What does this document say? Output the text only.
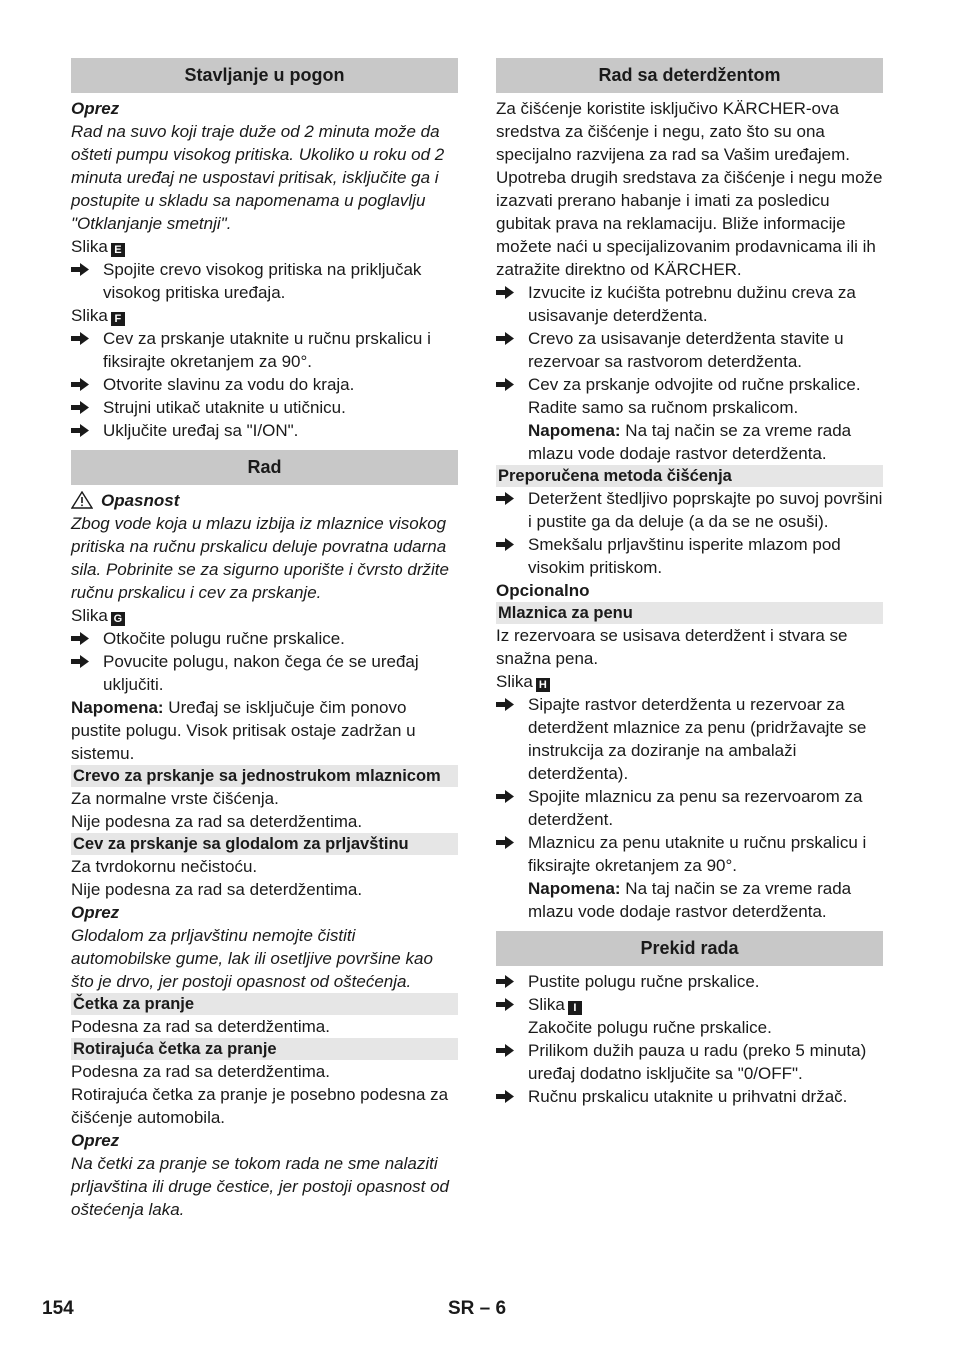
Stavljanje u pogon
Oprez
Rad na suvo koji traje duže od 2 minuta može da ošteti pumpu visokog pritiska. Ukoliko u roku od 2 minuta uređaj ne uspostavi pritisak, isključite ga i postupite u skladu sa napomenama u poglavlju "Otklanjanje smetnji".
Slika E
Spojite crevo visokog pritiska na priključak visokog pritiska uređaja.
Slika F
Cev za prskanje utaknite u ručnu prskalicu i fiksirajte okretanjem za 90°.
Otvorite slavinu za vodu do kraja.
Strujni utikač utaknite u utičnicu.
Uključite uređaj sa "I/ON".
Rad
Opasnost
Zbog vode koja u mlazu izbija iz mlaznice visokog pritiska na ručnu prskalicu deluje povratna udarna sila. Pobrinite se za sigurno uporište i čvrsto držite ručnu prskalicu i cev za prskanje.
Slika G
Otkočite polugu ručne prskalice.
Povucite polugu, nakon čega će se uređaj uključiti.
Napomena: Uređaj se isključuje čim ponovo pustite polugu. Visok pritisak ostaje zadržan u sistemu.
Crevo za prskanje sa jednostrukom mlaznicom
Za normalne vrste čišćenja.
Nije podesna za rad sa deterdžentima.
Cev za prskanje sa glodalom za prljavštinu
Za tvrdokornu nečistoću.
Nije podesna za rad sa deterdžentima.
Oprez
Glodalom za prljavštinu nemojte čistiti automobilske gume, lak ili osetljive površine kao što je drvo, jer postoji opasnost od oštećenja.
Četka za pranje
Podesna za rad sa deterdžentima.
Rotirajuća četka za pranje
Podesna za rad sa deterdžentima.
Rotirajuća četka za pranje je posebno podesna za čišćenje automobila.
Oprez
Na četki za pranje se tokom rada ne sme nalaziti prljavština ili druge čestice, jer postoji opasnost od oštećenja laka.
Rad sa deterdžentom
Za čišćenje koristite isključivo KÄRCHER-ova sredstva za čišćenje i negu, zato što su ona specijalno razvijena za rad sa Vašim uređajem. Upotreba drugih sredstava za čišćenje i negu može izazvati prerano habanje i imati za posledicu gubitak prava na reklamaciju. Bliže informacije možete naći u specijalizovanim prodavnicama ili ih zatražite direktno od KÄRCHER.
Izvucite iz kućišta potrebnu dužinu creva za usisavanje deterdženta.
Crevo za usisavanje deterdženta stavite u rezervoar sa rastvorom deterdženta.
Cev za prskanje odvojite od ručne prskalice. Radite samo sa ručnom prskalicom.
Napomena: Na taj način se za vreme rada mlazu vode dodaje rastvor deterdženta.
Preporučena metoda čišćenja
Deteržent štedljivo poprskajte po suvoj površini i pustite ga da deluje (a da se ne osuši).
Smekšalu prljavštinu isperite mlazom pod visokim pritiskom.
Opcionalno
Mlaznica za penu
Iz rezervoara se usisava deterdžent i stvara se snažna pena.
Slika H
Sipajte rastvor deterdženta u rezervoar za deterdžent mlaznice za penu (pridržavajte se instrukcija za doziranje na ambalaži deterdženta).
Spojite mlaznicu za penu sa rezervoarom za deterdžent.
Mlaznicu za penu utaknite u ručnu prskalicu i fiksirajte okretanjem za 90°.
Napomena: Na taj način se za vreme rada mlazu vode dodaje rastvor deterdženta.
Prekid rada
Pustite polugu ručne prskalice.
Slika I
Zakočite polugu ručne prskalice.
Prilikom dužih pauza u radu (preko 5 minuta) uređaj dodatno isključite sa "0/OFF".
Ručnu prskalicu utaknite u prihvatni držač.
154	SR – 6
